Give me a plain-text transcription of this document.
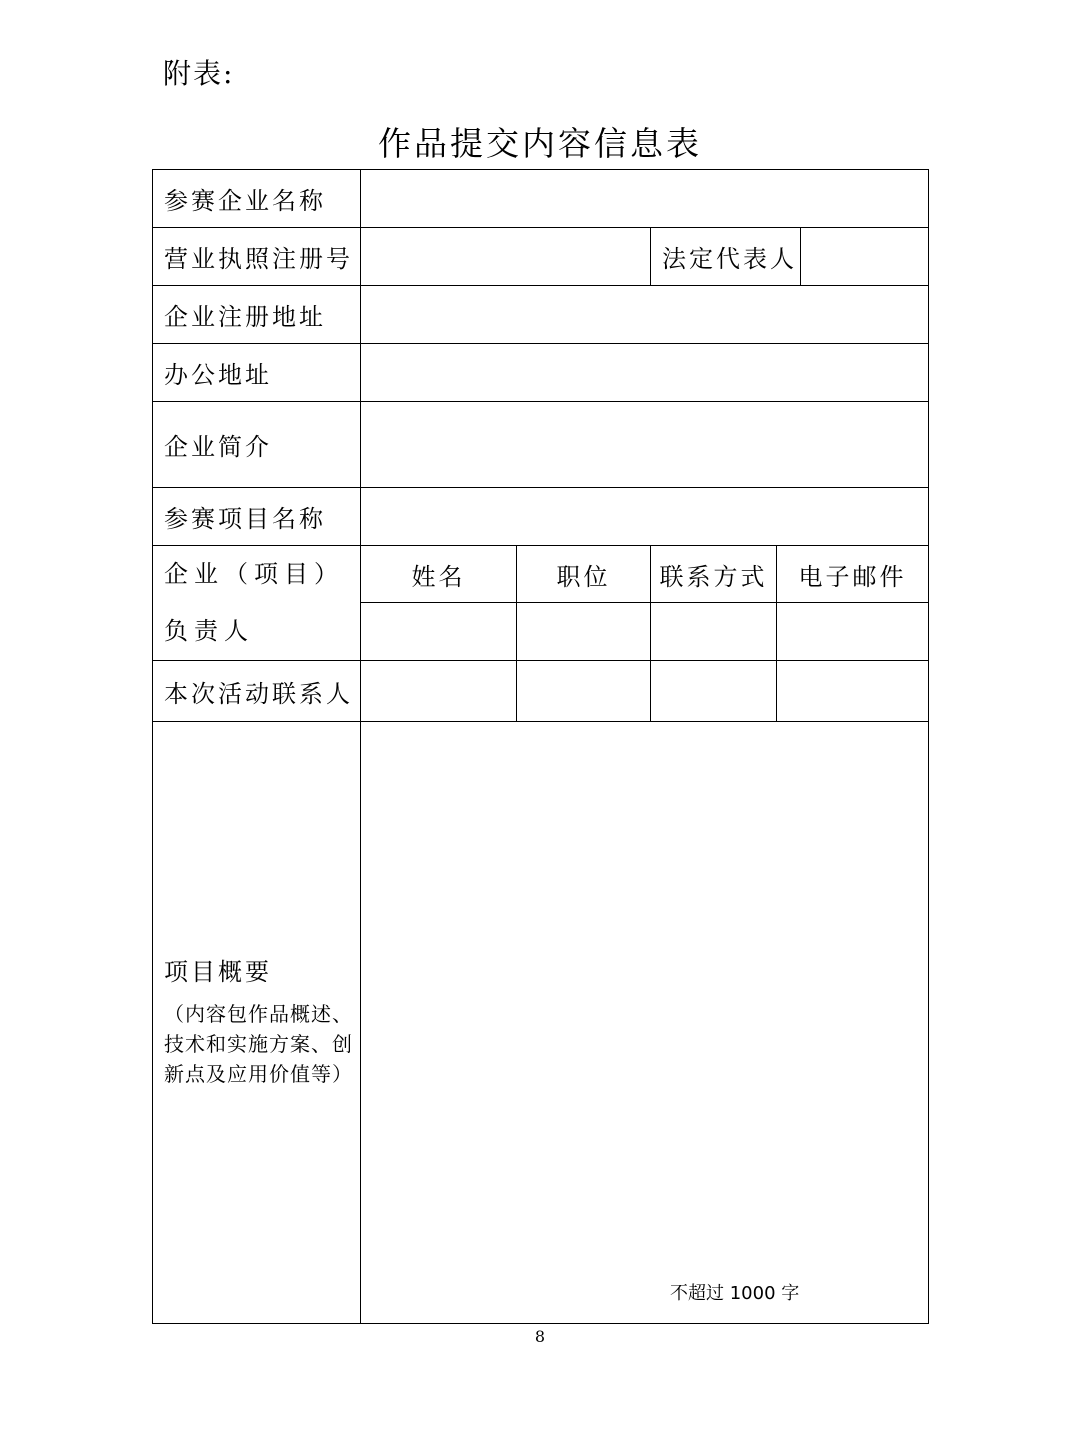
附表:
作品提交内容信息表
参赛企业名称					
营业执照注册号			法定代表人		
企业注册地址					
办公地址					
企业简介					
参赛项目名称					
企业（项目）负责人	姓名	职位	联系方式	电子邮件	

本次活动联系人					

项目概要
（内容包作品概述、技术和实施方案、创新点及应用价值等）	不超过 1000 字				
8
